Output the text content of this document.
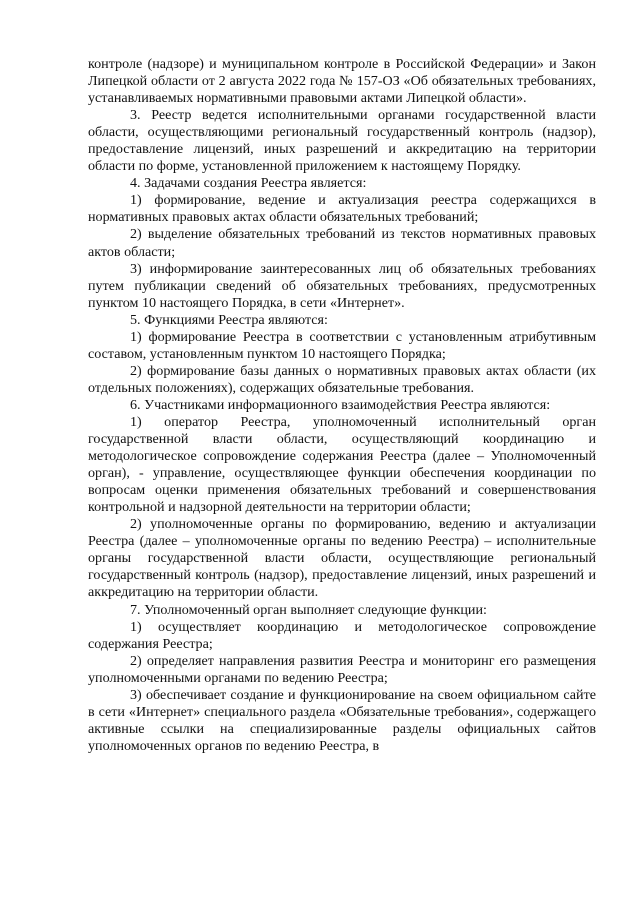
контроле (надзоре) и муниципальном контроле в Российской Федерации» и Закон Липецкой области от 2 августа 2022 года № 157-ОЗ «Об обязательных требованиях, устанавливаемых нормативными правовыми актами Липецкой области».

3. Реестр ведется исполнительными органами государственной власти области, осуществляющими региональный государственный контроль (надзор), предоставление лицензий, иных разрешений и аккредитацию на территории области по форме, установленной приложением к настоящему Порядку.

4. Задачами создания Реестра является:

1) формирование, ведение и актуализация реестра содержащихся в нормативных правовых актах области обязательных требований;

2) выделение обязательных требований из текстов нормативных правовых актов области;

3) информирование заинтересованных лиц об обязательных требованиях путем публикации сведений об обязательных требованиях, предусмотренных пунктом 10 настоящего Порядка, в сети «Интернет».

5. Функциями Реестра являются:

1) формирование Реестра в соответствии с установленным атрибутивным составом, установленным пунктом 10 настоящего Порядка;

2) формирование базы данных о нормативных правовых актах области (их отдельных положениях), содержащих обязательные требования.

6. Участниками информационного взаимодействия Реестра являются:

1) оператор Реестра, уполномоченный исполнительный орган государственной власти области, осуществляющий координацию и методологическое сопровождение содержания Реестра (далее – Уполномоченный орган), - управление, осуществляющее функции обеспечения координации по вопросам оценки применения обязательных требований и совершенствования контрольной и надзорной деятельности на территории области;

2) уполномоченные органы по формированию, ведению и актуализации Реестра (далее – уполномоченные органы по ведению Реестра) – исполнительные органы государственной власти области, осуществляющие региональный государственный контроль (надзор), предоставление лицензий, иных разрешений и аккредитацию на территории области.

7. Уполномоченный орган выполняет следующие функции:

1) осуществляет координацию и методологическое сопровождение содержания Реестра;

2) определяет направления развития Реестра и мониторинг его размещения уполномоченными органами по ведению Реестра;

3) обеспечивает создание и функционирование на своем официальном сайте в сети «Интернет» специального раздела «Обязательные требования», содержащего активные ссылки на специализированные разделы официальных сайтов уполномоченных органов по ведению Реестра, в
